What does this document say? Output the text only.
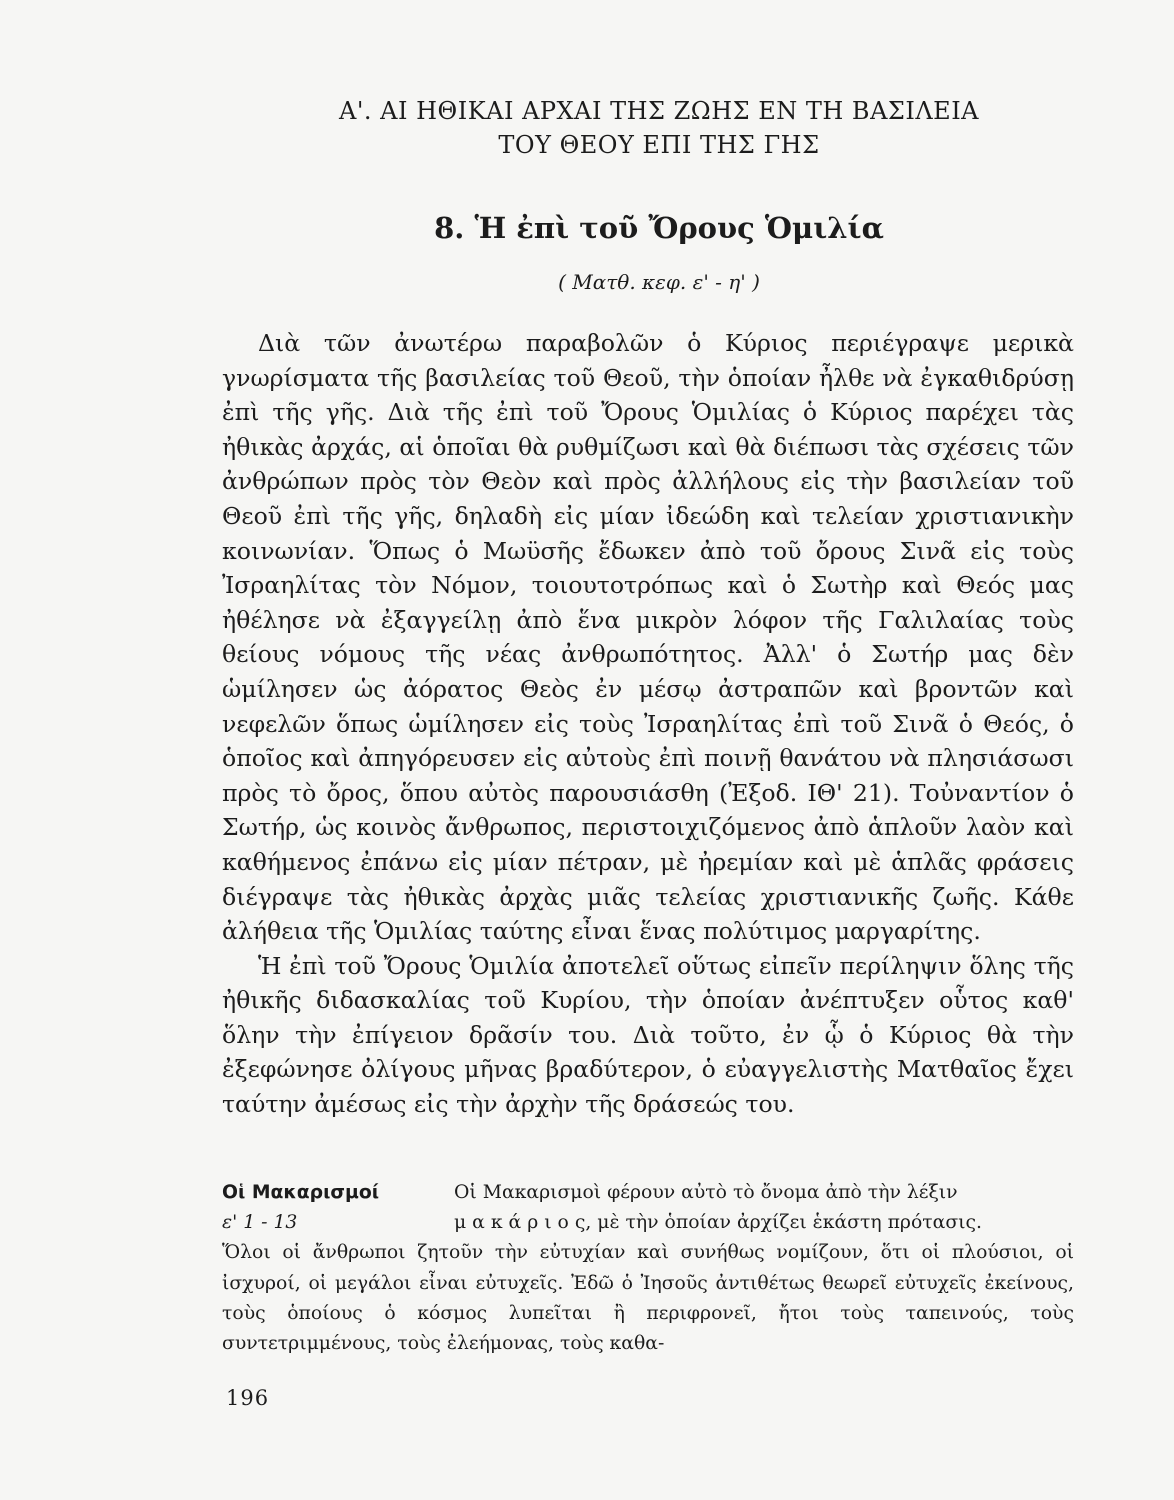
Α'. ΑΙ ΗΘΙΚΑΙ ΑΡΧΑΙ ΤΗΣ ΖΩΗΣ ΕΝ ΤΗ ΒΑΣΙΛΕΙΑ
ΤΟΥ ΘΕΟΥ ΕΠΙ ΤΗΣ ΓΗΣ
8. Ἡ ἐπὶ τοῦ Ὄρους Ὁμιλία
( Ματθ. κεφ. ε' - η' )

Διὰ τῶν ἀνωτέρω παραβολῶν ὁ Κύριος περιέγραψε μερικὰ γνωρίσματα τῆς βασιλείας τοῦ Θεοῦ, τὴν ὁποίαν ἦλθε νὰ ἐγκαθιδρύσῃ ἐπὶ τῆς γῆς. Διὰ τῆς ἐπὶ τοῦ Ὄρους Ὁμιλίας ὁ Κύριος παρέχει τὰς ἠθικὰς ἀρχάς, αἱ ὁποῖαι θὰ ρυθμίζωσι καὶ θὰ διέπωσι τὰς σχέσεις τῶν ἀνθρώπων πρὸς τὸν Θεὸν καὶ πρὸς ἀλλήλους εἰς τὴν βασιλείαν τοῦ Θεοῦ ἐπὶ τῆς γῆς, δηλαδὴ εἰς μίαν ἰδεώδη καὶ τελείαν χριστιανικὴν κοινωνίαν. Ὅπως ὁ Μωϋσῆς ἔδωκεν ἀπὸ τοῦ ὄρους Σινᾶ εἰς τοὺς Ἰσραηλίτας τὸν Νόμον, τοιουτοτρόπως καὶ ὁ Σωτὴρ καὶ Θεός μας ἠθέλησε νὰ ἐξαγγείλῃ ἀπὸ ἕνα μικρὸν λόφον τῆς Γαλιλαίας τοὺς θείους νόμους τῆς νέας ἀνθρωπότητος. Ἀλλ' ὁ Σωτήρ μας δὲν ὡμίλησεν ὡς ἀόρατος Θεὸς ἐν μέσῳ ἀστραπῶν καὶ βροντῶν καὶ νεφελῶν ὅπως ὡμίλησεν εἰς τοὺς Ἰσραηλίτας ἐπὶ τοῦ Σινᾶ ὁ Θεός, ὁ ὁποῖος καὶ ἀπηγόρευσεν εἰς αὐτοὺς ἐπὶ ποινῇ θανάτου νὰ πλησιάσωσι πρὸς τὸ ὄρος, ὅπου αὐτὸς παρουσιάσθη (Ἐξοδ. ΙΘ' 21). Τοὐναντίον ὁ Σωτήρ, ὡς κοινὸς ἄνθρωπος, περιστοιχιζόμενος ἀπὸ ἁπλοῦν λαὸν καὶ καθήμενος ἐπάνω εἰς μίαν πέτραν, μὲ ἠρεμίαν καὶ μὲ ἁπλᾶς φράσεις διέγραψε τὰς ἠθικὰς ἀρχὰς μιᾶς τελείας χριστιανικῆς ζωῆς. Κάθε ἀλήθεια τῆς Ὁμιλίας ταύτης εἶναι ἕνας πολύτιμος μαργαρίτης.

Ἡ ἐπὶ τοῦ Ὄρους Ὁμιλία ἀποτελεῖ οὕτως εἰπεῖν περίληψιν ὅλης τῆς ἠθικῆς διδασκαλίας τοῦ Κυρίου, τὴν ὁποίαν ἀνέπτυξεν οὗτος καθ' ὅλην τὴν ἐπίγειον δρᾶσίν του. Διὰ τοῦτο, ἐν ᾧ ὁ Κύριος θὰ τὴν ἐξεφώνησε ὀλίγους μῆνας βραδύτερον, ὁ εὐαγγελιστὴς Ματθαῖος ἔχει ταύτην ἀμέσως εἰς τὴν ἀρχὴν τῆς δράσεώς του.

Οἱ Μακαρισμοί	Οἱ Μακαρισμοὶ φέρουν αὐτὸ τὸ ὄνομα ἀπὸ τὴν λέξιν
ε' 1 - 13	μ α κ ά ρ ι ο ς, μὲ τὴν ὁποίαν ἀρχίζει ἑκάστη πρότασις.
Ὅλοι οἱ ἄνθρωποι ζητοῦν τὴν εὐτυχίαν καὶ συνήθως νομίζουν, ὅτι οἱ πλούσιοι, οἱ ἰσχυροί, οἱ μεγάλοι εἶναι εὐτυχεῖς. Ἐδῶ ὁ Ἰησοῦς ἀντιθέτως θεωρεῖ εὐτυχεῖς ἐκείνους, τοὺς ὁποίους ὁ κόσμος λυπεῖται ἢ περιφρονεῖ, ἤτοι τοὺς ταπεινούς, τοὺς συντετριμμένους, τοὺς ἐλεήμονας, τοὺς καθα-
196
